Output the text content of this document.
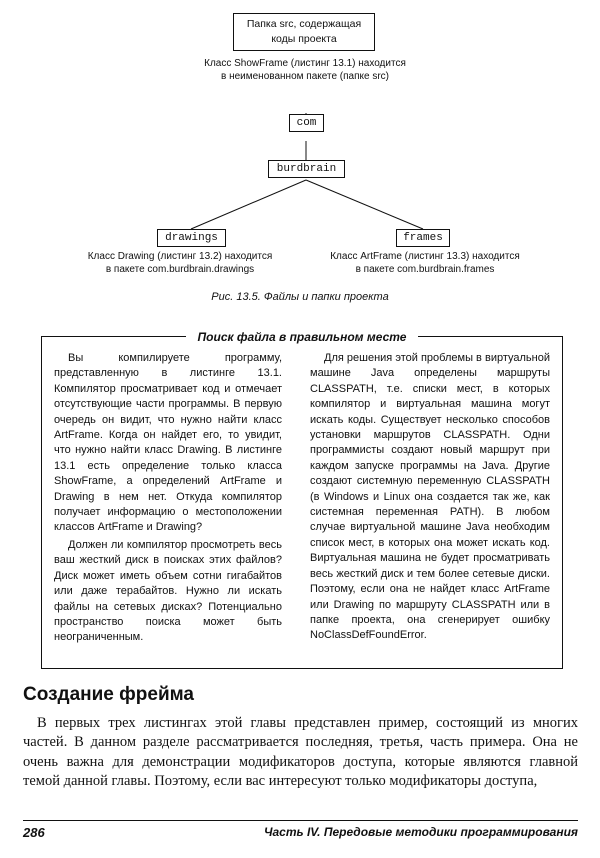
Папка src, содержащая
коды проекта
Класс ShowFrame (листинг 13.1) находится
в неименованном пакете (папке src)
com
burdbrain
drawings	frames
Класс Drawing (листинг 13.2) находится
в пакете com.burdbrain.drawings
Класс ArtFrame (листинг 13.3) находится
в пакете com.burdbrain.frames
Рис. 13.5. Файлы и папки проекта
Поиск файла в правильном месте

Вы компилируете программу, представленную в листинге 13.1. Компилятор просматривает код и отмечает отсутствующие части программы. В первую очередь он видит, что нужно найти класс ArtFrame. Когда он найдет его, то увидит, что нужно найти класс Drawing. В листинге 13.1 есть определение только класса ShowFrame, а определений ArtFrame и Drawing в нем нет. Откуда компилятор получает информацию о местоположении классов ArtFrame и Drawing?

Должен ли компилятор просмотреть весь ваш жесткий диск в поисках этих файлов? Диск может иметь объем сотни гигабайтов или даже терабайтов. Нужно ли искать файлы на сетевых дисках? Потенциально пространство поиска может быть неограниченным.

Для решения этой проблемы в виртуальной машине Java определены маршруты CLASSPATH, т.е. списки мест, в которых компилятор и виртуальная машина могут искать коды. Существует несколько способов установки маршрутов CLASSPATH. Одни программисты создают новый маршрут при каждом запуске программы на Java. Другие создают системную переменную CLASSPATH (в Windows и Linux она создается так же, как системная переменная PATH). В любом случае виртуальной машине Java необходим список мест, в которых она может искать код. Виртуальная машина не будет просматривать весь жесткий диск и тем более сетевые диски. Поэтому, если она не найдет класс ArtFrame или Drawing по маршруту CLASSPATH или в папке проекта, она сгенерирует ошибку NoClassDefFoundError.

Создание фрейма

В первых трех листингах этой главы представлен пример, состоящий из многих частей. В данном разделе рассматривается последняя, третья, часть примера. Она не очень важна для демонстрации модификаторов доступа, которые являются главной темой данной главы. Поэтому, если вас интересуют только модификаторы доступа,

286	Часть IV. Передовые методики программирования
